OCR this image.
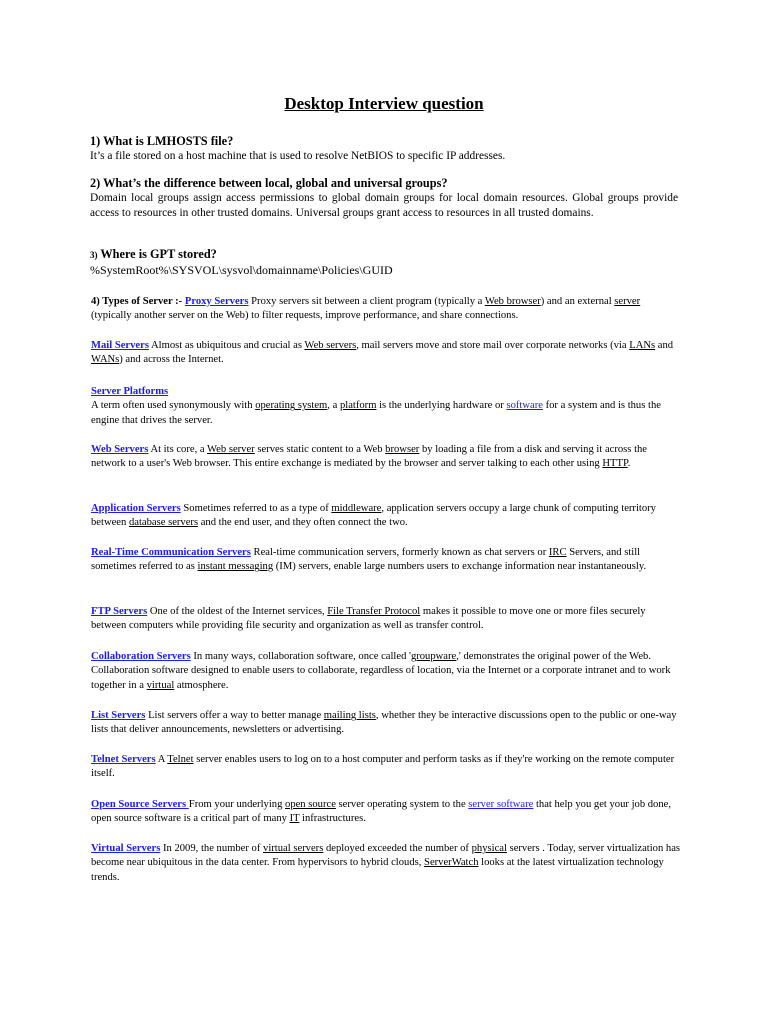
Desktop Interview question
1) What is LMHOSTS file?
It’s a file stored on a host machine that is used to resolve NetBIOS to specific IP addresses.
2) What’s the difference between local, global and universal groups?
Domain local groups assign access permissions to global domain groups for local domain resources. Global groups provide access to resources in other trusted domains. Universal groups grant access to resources in all trusted domains.
3) Where is GPT stored?
%SystemRoot%\SYSVOL\sysvol\domainname\Policies\GUID
4) Types of Server :- Proxy Servers Proxy servers sit between a client program (typically a Web browser) and an external server (typically another server on the Web) to filter requests, improve performance, and share connections.
Mail Servers Almost as ubiquitous and crucial as Web servers, mail servers move and store mail over corporate networks (via LANs and WANs) and across the Internet.
Server Platforms
A term often used synonymously with operating system, a platform is the underlying hardware or software for a system and is thus the engine that drives the server.
Web Servers At its core, a Web server serves static content to a Web browser by loading a file from a disk and serving it across the network to a user's Web browser. This entire exchange is mediated by the browser and server talking to each other using HTTP.
Application Servers Sometimes referred to as a type of middleware, application servers occupy a large chunk of computing territory between database servers and the end user, and they often connect the two.
Real-Time Communication Servers Real-time communication servers, formerly known as chat servers or IRC Servers, and still sometimes referred to as instant messaging (IM) servers, enable large numbers users to exchange information near instantaneously.
FTP Servers One of the oldest of the Internet services, File Transfer Protocol makes it possible to move one or more files securely between computers while providing file security and organization as well as transfer control.
Collaboration Servers In many ways, collaboration software, once called 'groupware,' demonstrates the original power of the Web. Collaboration software designed to enable users to collaborate, regardless of location, via the Internet or a corporate intranet and to work together in a virtual atmosphere.
List Servers List servers offer a way to better manage mailing lists, whether they be interactive discussions open to the public or one-way lists that deliver announcements, newsletters or advertising.
Telnet Servers A Telnet server enables users to log on to a host computer and perform tasks as if they're working on the remote computer itself.
Open Source Servers From your underlying open source server operating system to the server software that help you get your job done, open source software is a critical part of many IT infrastructures.
Virtual Servers In 2009, the number of virtual servers deployed exceeded the number of physical servers . Today, server virtualization has become near ubiquitous in the data center. From hypervisors to hybrid clouds, ServerWatch looks at the latest virtualization technology trends.
